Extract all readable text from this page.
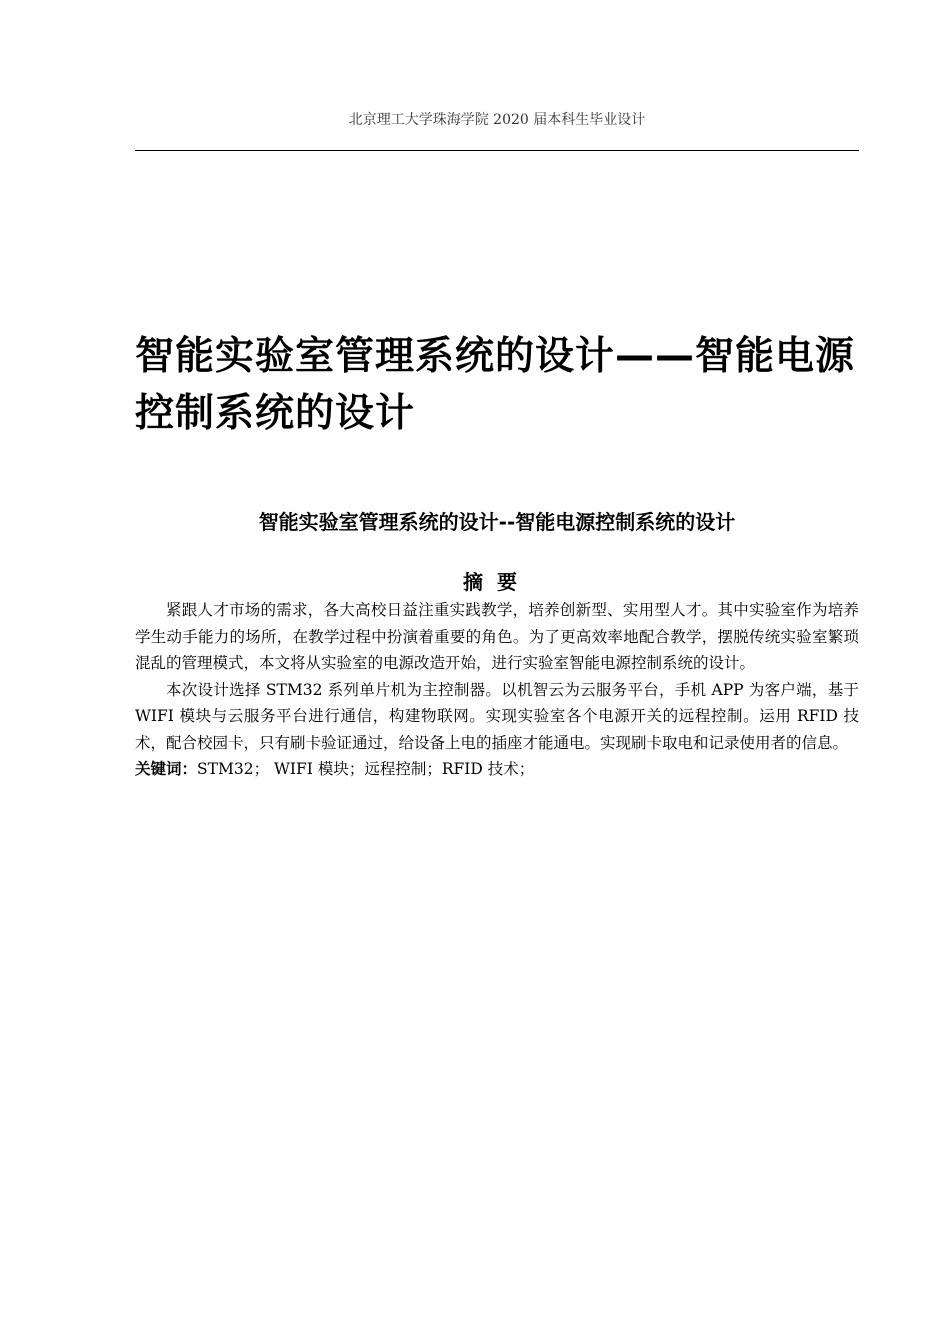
北京理工大学珠海学院 2020 届本科生毕业设计
智能实验室管理系统的设计——智能电源控制系统的设计
智能实验室管理系统的设计--智能电源控制系统的设计
摘要

紧跟人才市场的需求，各大高校日益注重实践教学，培养创新型、实用型人才。其中实验室作为培养学生动手能力的场所，在教学过程中扮演着重要的角色。为了更高效率地配合教学，摆脱传统实验室繁琐混乱的管理模式，本文将从实验室的电源改造开始，进行实验室智能电源控制系统的设计。

本次设计选择 STM32 系列单片机为主控制器。以机智云为云服务平台，手机 APP 为客户端，基于 WIFI 模块与云服务平台进行通信，构建物联网。实现实验室各个电源开关的远程控制。运用 RFID 技术，配合校园卡，只有刷卡验证通过，给设备上电的插座才能通电。实现刷卡取电和记录使用者的信息。

关键词：STM32； WIFI 模块；远程控制；RFID 技术；
